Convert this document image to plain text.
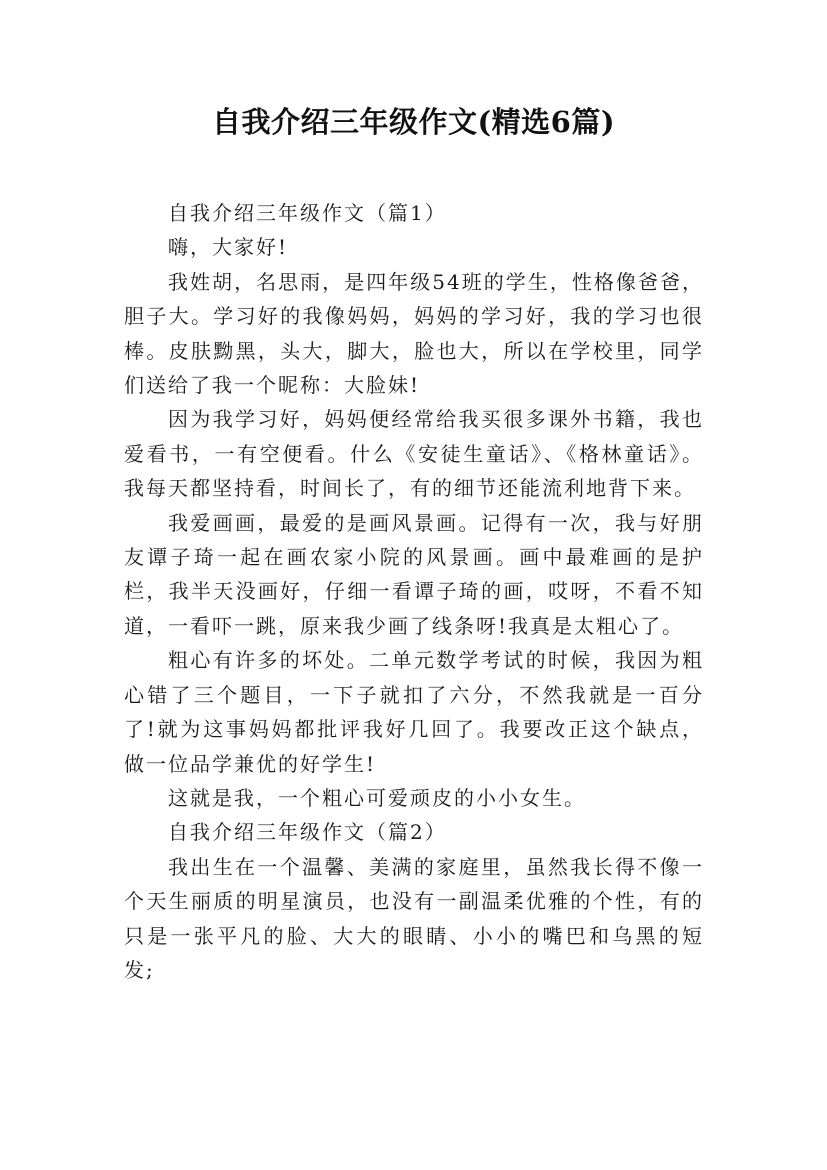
自我介绍三年级作文(精选6篇)

自我介绍三年级作文（篇1）

嗨，大家好!

我姓胡，名思雨，是四年级54班的学生，性格像爸爸，胆子大。学习好的我像妈妈，妈妈的学习好，我的学习也很棒。皮肤黝黑，头大，脚大，脸也大，所以在学校里，同学们送给了我一个昵称：大脸妹!

因为我学习好，妈妈便经常给我买很多课外书籍，我也爱看书，一有空便看。什么《安徒生童话》、《格林童话》。我每天都坚持看，时间长了，有的细节还能流利地背下来。

我爱画画，最爱的是画风景画。记得有一次，我与好朋友谭子琦一起在画农家小院的风景画。画中最难画的是护栏，我半天没画好，仔细一看谭子琦的画，哎呀，不看不知道，一看吓一跳，原来我少画了线条呀!我真是太粗心了。

粗心有许多的坏处。二单元数学考试的时候，我因为粗心错了三个题目，一下子就扣了六分，不然我就是一百分了!就为这事妈妈都批评我好几回了。我要改正这个缺点，做一位品学兼优的好学生!

这就是我，一个粗心可爱顽皮的小小女生。

自我介绍三年级作文（篇2）

我出生在一个温馨、美满的家庭里，虽然我长得不像一个天生丽质的明星演员，也没有一副温柔优雅的个性，有的只是一张平凡的脸、大大的眼睛、小小的嘴巴和乌黑的短发;
